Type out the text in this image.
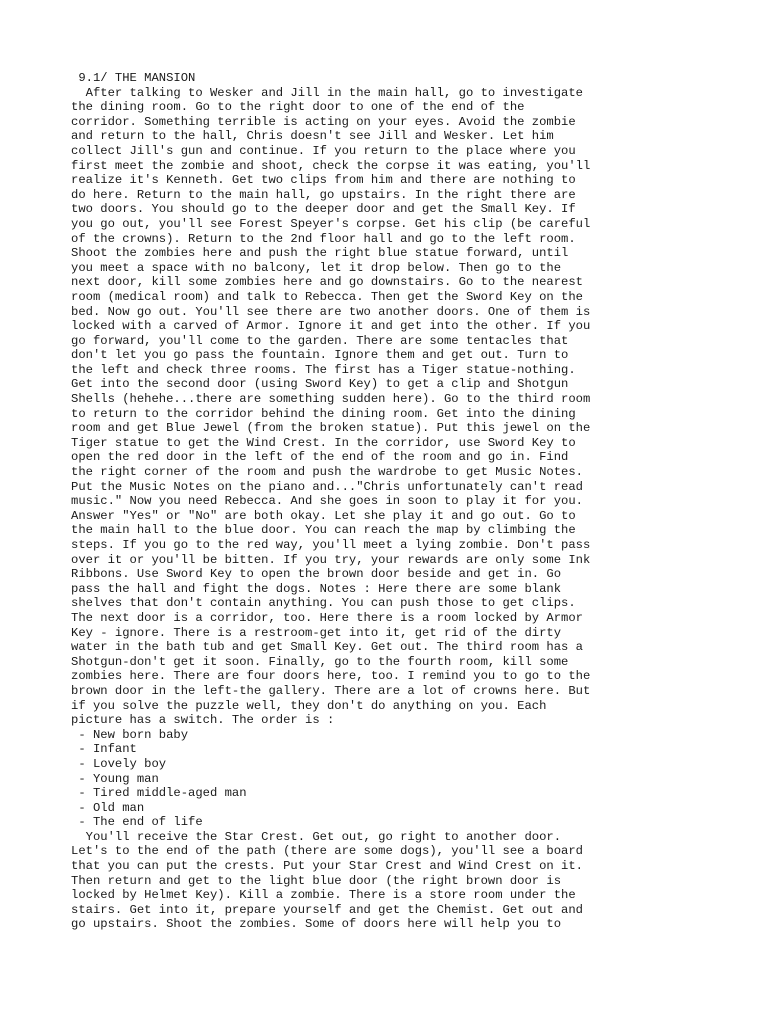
9.1/ THE MANSION
After talking to Wesker and Jill in the main hall, go to investigate
the dining room. Go to the right door to one of the end of the
corridor. Something terrible is acting on your eyes. Avoid the zombie
and return to the hall, Chris doesn't see Jill and Wesker. Let him
collect Jill's gun and continue. If you return to the place where you
first meet the zombie and shoot, check the corpse it was eating, you'll
realize it's Kenneth. Get two clips from him and there are nothing to
do here. Return to the main hall, go upstairs. In the right there are
two doors. You should go to the deeper door and get the Small Key. If
you go out, you'll see Forest Speyer's corpse. Get his clip (be careful
of the crowns). Return to the 2nd floor hall and go to the left room.
Shoot the zombies here and push the right blue statue forward, until
you meet a space with no balcony, let it drop below. Then go to the
next door, kill some zombies here and go downstairs. Go to the nearest
room (medical room) and talk to Rebecca. Then get the Sword Key on the
bed. Now go out. You'll see there are two another doors. One of them is
locked with a carved of Armor. Ignore it and get into the other. If you
go forward, you'll come to the garden. There are some tentacles that
don't let you go pass the fountain. Ignore them and get out. Turn to
the left and check three rooms. The first has a Tiger statue-nothing.
Get into the second door (using Sword Key) to get a clip and Shotgun
Shells (hehehe...there are something sudden here). Go to the third room
to return to the corridor behind the dining room. Get into the dining
room and get Blue Jewel (from the broken statue). Put this jewel on the
Tiger statue to get the Wind Crest. In the corridor, use Sword Key to
open the red door in the left of the end of the room and go in. Find
the right corner of the room and push the wardrobe to get Music Notes.
Put the Music Notes on the piano and..."Chris unfortunately can't read
music." Now you need Rebecca. And she goes in soon to play it for you.
Answer "Yes" or "No" are both okay. Let she play it and go out. Go to
the main hall to the blue door. You can reach the map by climbing the
steps. If you go to the red way, you'll meet a lying zombie. Don't pass
over it or you'll be bitten. If you try, your rewards are only some Ink
Ribbons. Use Sword Key to open the brown door beside and get in. Go
pass the hall and fight the dogs. Notes : Here there are some blank
shelves that don't contain anything. You can push those to get clips.
The next door is a corridor, too. Here there is a room locked by Armor
Key - ignore. There is a restroom-get into it, get rid of the dirty
water in the bath tub and get Small Key. Get out. The third room has a
Shotgun-don't get it soon. Finally, go to the fourth room, kill some
zombies here. There are four doors here, too. I remind you to go to the
brown door in the left-the gallery. There are a lot of crowns here. But
if you solve the puzzle well, they don't do anything on you. Each
picture has a switch. The order is :
- New born baby
- Infant
- Lovely boy
- Young man
- Tired middle-aged man
- Old man
- The end of life
You'll receive the Star Crest. Get out, go right to another door.
Let's to the end of the path (there are some dogs), you'll see a board
that you can put the crests. Put your Star Crest and Wind Crest on it.
Then return and get to the light blue door (the right brown door is
locked by Helmet Key). Kill a zombie. There is a store room under the
stairs. Get into it, prepare yourself and get the Chemist. Get out and
go upstairs. Shoot the zombies. Some of doors here will help you to
